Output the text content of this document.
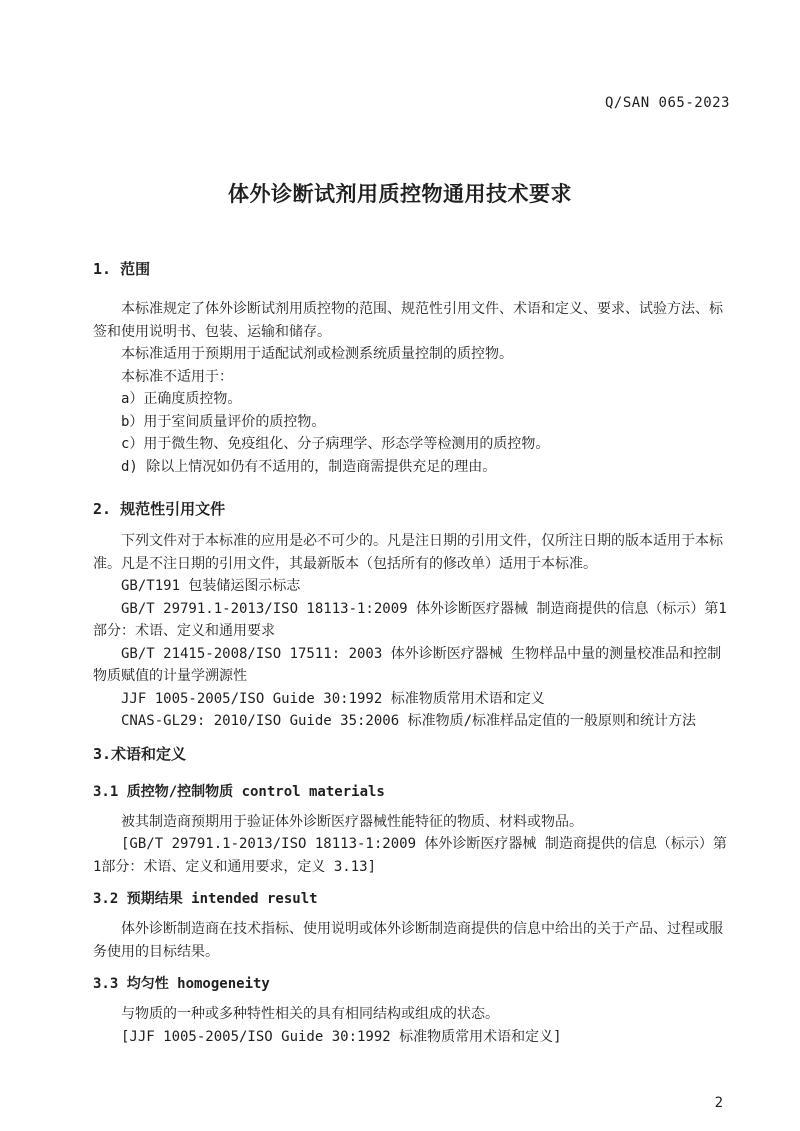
Q/SAN 065-2023
体外诊断试剂用质控物通用技术要求
1. 范围

本标准规定了体外诊断试剂用质控物的范围、规范性引用文件、术语和定义、要求、试验方法、标签和使用说明书、包装、运输和储存。

本标准适用于预期用于适配试剂或检测系统质量控制的质控物。

本标准不适用于：

a）正确度质控物。

b）用于室间质量评价的质控物。

c）用于微生物、免疫组化、分子病理学、形态学等检测用的质控物。

d) 除以上情况如仍有不适用的，制造商需提供充足的理由。

2. 规范性引用文件

下列文件对于本标准的应用是必不可少的。凡是注日期的引用文件，仅所注日期的版本适用于本标准。凡是不注日期的引用文件，其最新版本（包括所有的修改单）适用于本标准。

GB/T191 包装储运图示标志

GB/T 29791.1-2013/ISO 18113-1:2009 体外诊断医疗器械 制造商提供的信息（标示）第1部分：术语、定义和通用要求

GB/T 21415-2008/ISO 17511: 2003 体外诊断医疗器械 生物样品中量的测量校准品和控制物质赋值的计量学溯源性

JJF 1005-2005/ISO Guide 30:1992 标准物质常用术语和定义

CNAS-GL29: 2010/ISO Guide 35:2006 标准物质/标准样品定值的一般原则和统计方法

3.术语和定义
3.1 质控物/控制物质 control materials

被其制造商预期用于验证体外诊断医疗器械性能特征的物质、材料或物品。

[GB/T 29791.1-2013/ISO 18113-1:2009 体外诊断医疗器械 制造商提供的信息（标示）第1部分：术语、定义和通用要求，定义 3.13]

3.2 预期结果 intended result

体外诊断制造商在技术指标、使用说明或体外诊断制造商提供的信息中给出的关于产品、过程或服务使用的目标结果。

3.3 均匀性 homogeneity

与物质的一种或多种特性相关的具有相同结构或组成的状态。

[JJF 1005-2005/ISO Guide 30:1992 标准物质常用术语和定义]

2
